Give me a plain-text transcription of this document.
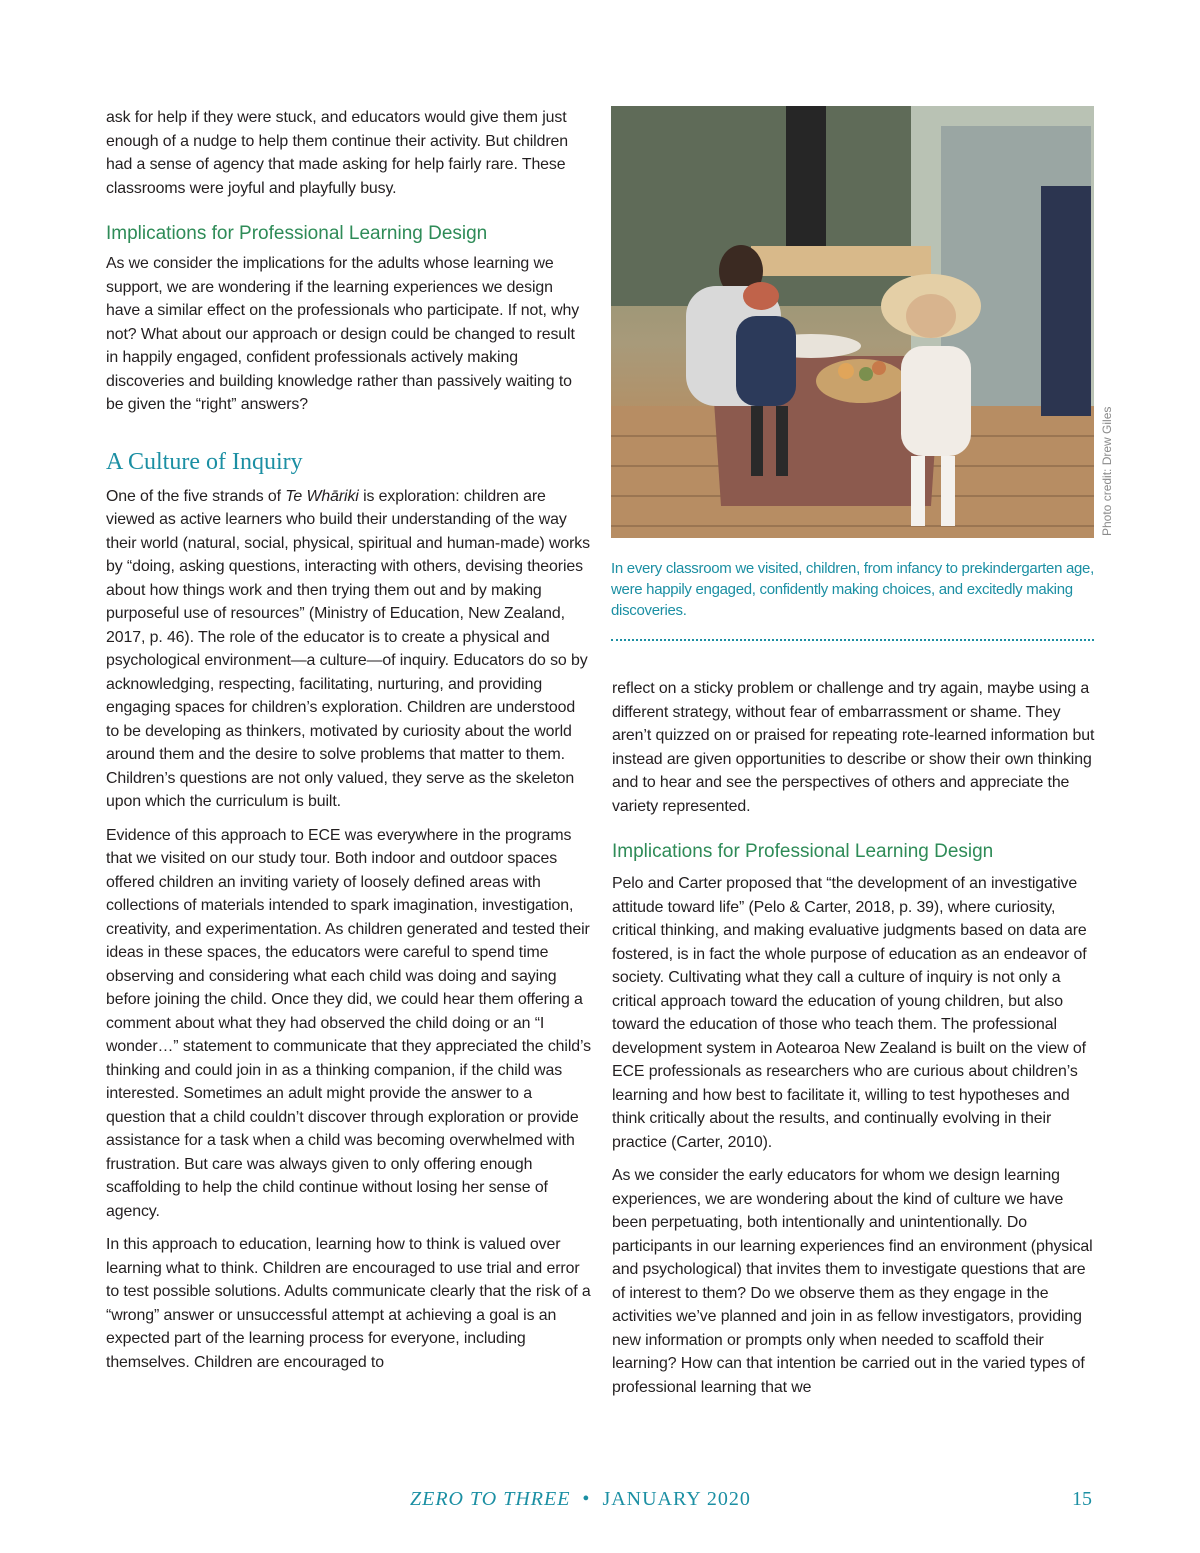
ask for help if they were stuck, and educators would give them just enough of a nudge to help them continue their activity. But children had a sense of agency that made asking for help fairly rare. These classrooms were joyful and playfully busy.

Implications for Professional Learning Design

As we consider the implications for the adults whose learning we support, we are wondering if the learning experiences we design have a similar effect on the professionals who participate. If not, why not? What about our approach or design could be changed to result in happily engaged, confident professionals actively making discoveries and building knowledge rather than passively waiting to be given the “right” answers?

A Culture of Inquiry

One of the five strands of Te Whāriki is exploration: children are viewed as active learners who build their understanding of the way their world (natural, social, physical, spiritual and human-made) works by “doing, asking questions, interacting with others, devising theories about how things work and then trying them out and by making purposeful use of resources” (Ministry of Education, New Zealand, 2017, p. 46). The role of the educator is to create a physical and psychological environment—a culture—of inquiry. Educators do so by acknowledging, respecting, facilitating, nurturing, and providing engaging spaces for children’s exploration. Children are understood to be developing as thinkers, motivated by curiosity about the world around them and the desire to solve problems that matter to them. Children’s questions are not only valued, they serve as the skeleton upon which the curriculum is built.

Evidence of this approach to ECE was everywhere in the programs that we visited on our study tour. Both indoor and outdoor spaces offered children an inviting variety of loosely defined areas with collections of materials intended to spark imagination, investigation, creativity, and experimentation. As children generated and tested their ideas in these spaces, the educators were careful to spend time observing and considering what each child was doing and saying before joining the child. Once they did, we could hear them offering a comment about what they had observed the child doing or an “I wonder…” statement to communicate that they appreciated the child’s thinking and could join in as a thinking companion, if the child was interested. Sometimes an adult might provide the answer to a question that a child couldn’t discover through exploration or provide assistance for a task when a child was becoming overwhelmed with frustration. But care was always given to only offering enough scaffolding to help the child continue without losing her sense of agency.

In this approach to education, learning how to think is valued over learning what to think. Children are encouraged to use trial and error to test possible solutions. Adults communicate clearly that the risk of a “wrong” answer or unsuccessful attempt at achieving a goal is an expected part of the learning process for everyone, including themselves. Children are encouraged to

In every classroom we visited, children, from infancy to prekindergarten age, were happily engaged, confidently making choices, and excitedly making discoveries.
Photo credit: Drew Giles

reflect on a sticky problem or challenge and try again, maybe using a different strategy, without fear of embarrassment or shame. They aren’t quizzed on or praised for repeating rote-learned information but instead are given opportunities to describe or show their own thinking and to hear and see the perspectives of others and appreciate the variety represented.

Implications for Professional Learning Design

Pelo and Carter proposed that “the development of an investigative attitude toward life” (Pelo & Carter, 2018, p. 39), where curiosity, critical thinking, and making evaluative judgments based on data are fostered, is in fact the whole purpose of education as an endeavor of society. Cultivating what they call a culture of inquiry is not only a critical approach toward the education of young children, but also toward the education of those who teach them. The professional development system in Aotearoa New Zealand is built on the view of ECE professionals as researchers who are curious about children’s learning and how best to facilitate it, willing to test hypotheses and think critically about the results, and continually evolving in their practice (Carter, 2010).

As we consider the early educators for whom we design learning experiences, we are wondering about the kind of culture we have been perpetuating, both intentionally and unintentionally. Do participants in our learning experiences find an environment (physical and psychological) that invites them to investigate questions that are of interest to them? Do we observe them as they engage in the activities we’ve planned and join in as fellow investigators, providing new information or prompts only when needed to scaffold their learning? How can that intention be carried out in the varied types of professional learning that we

ZERO TO THREE • JANUARY 2020	15
